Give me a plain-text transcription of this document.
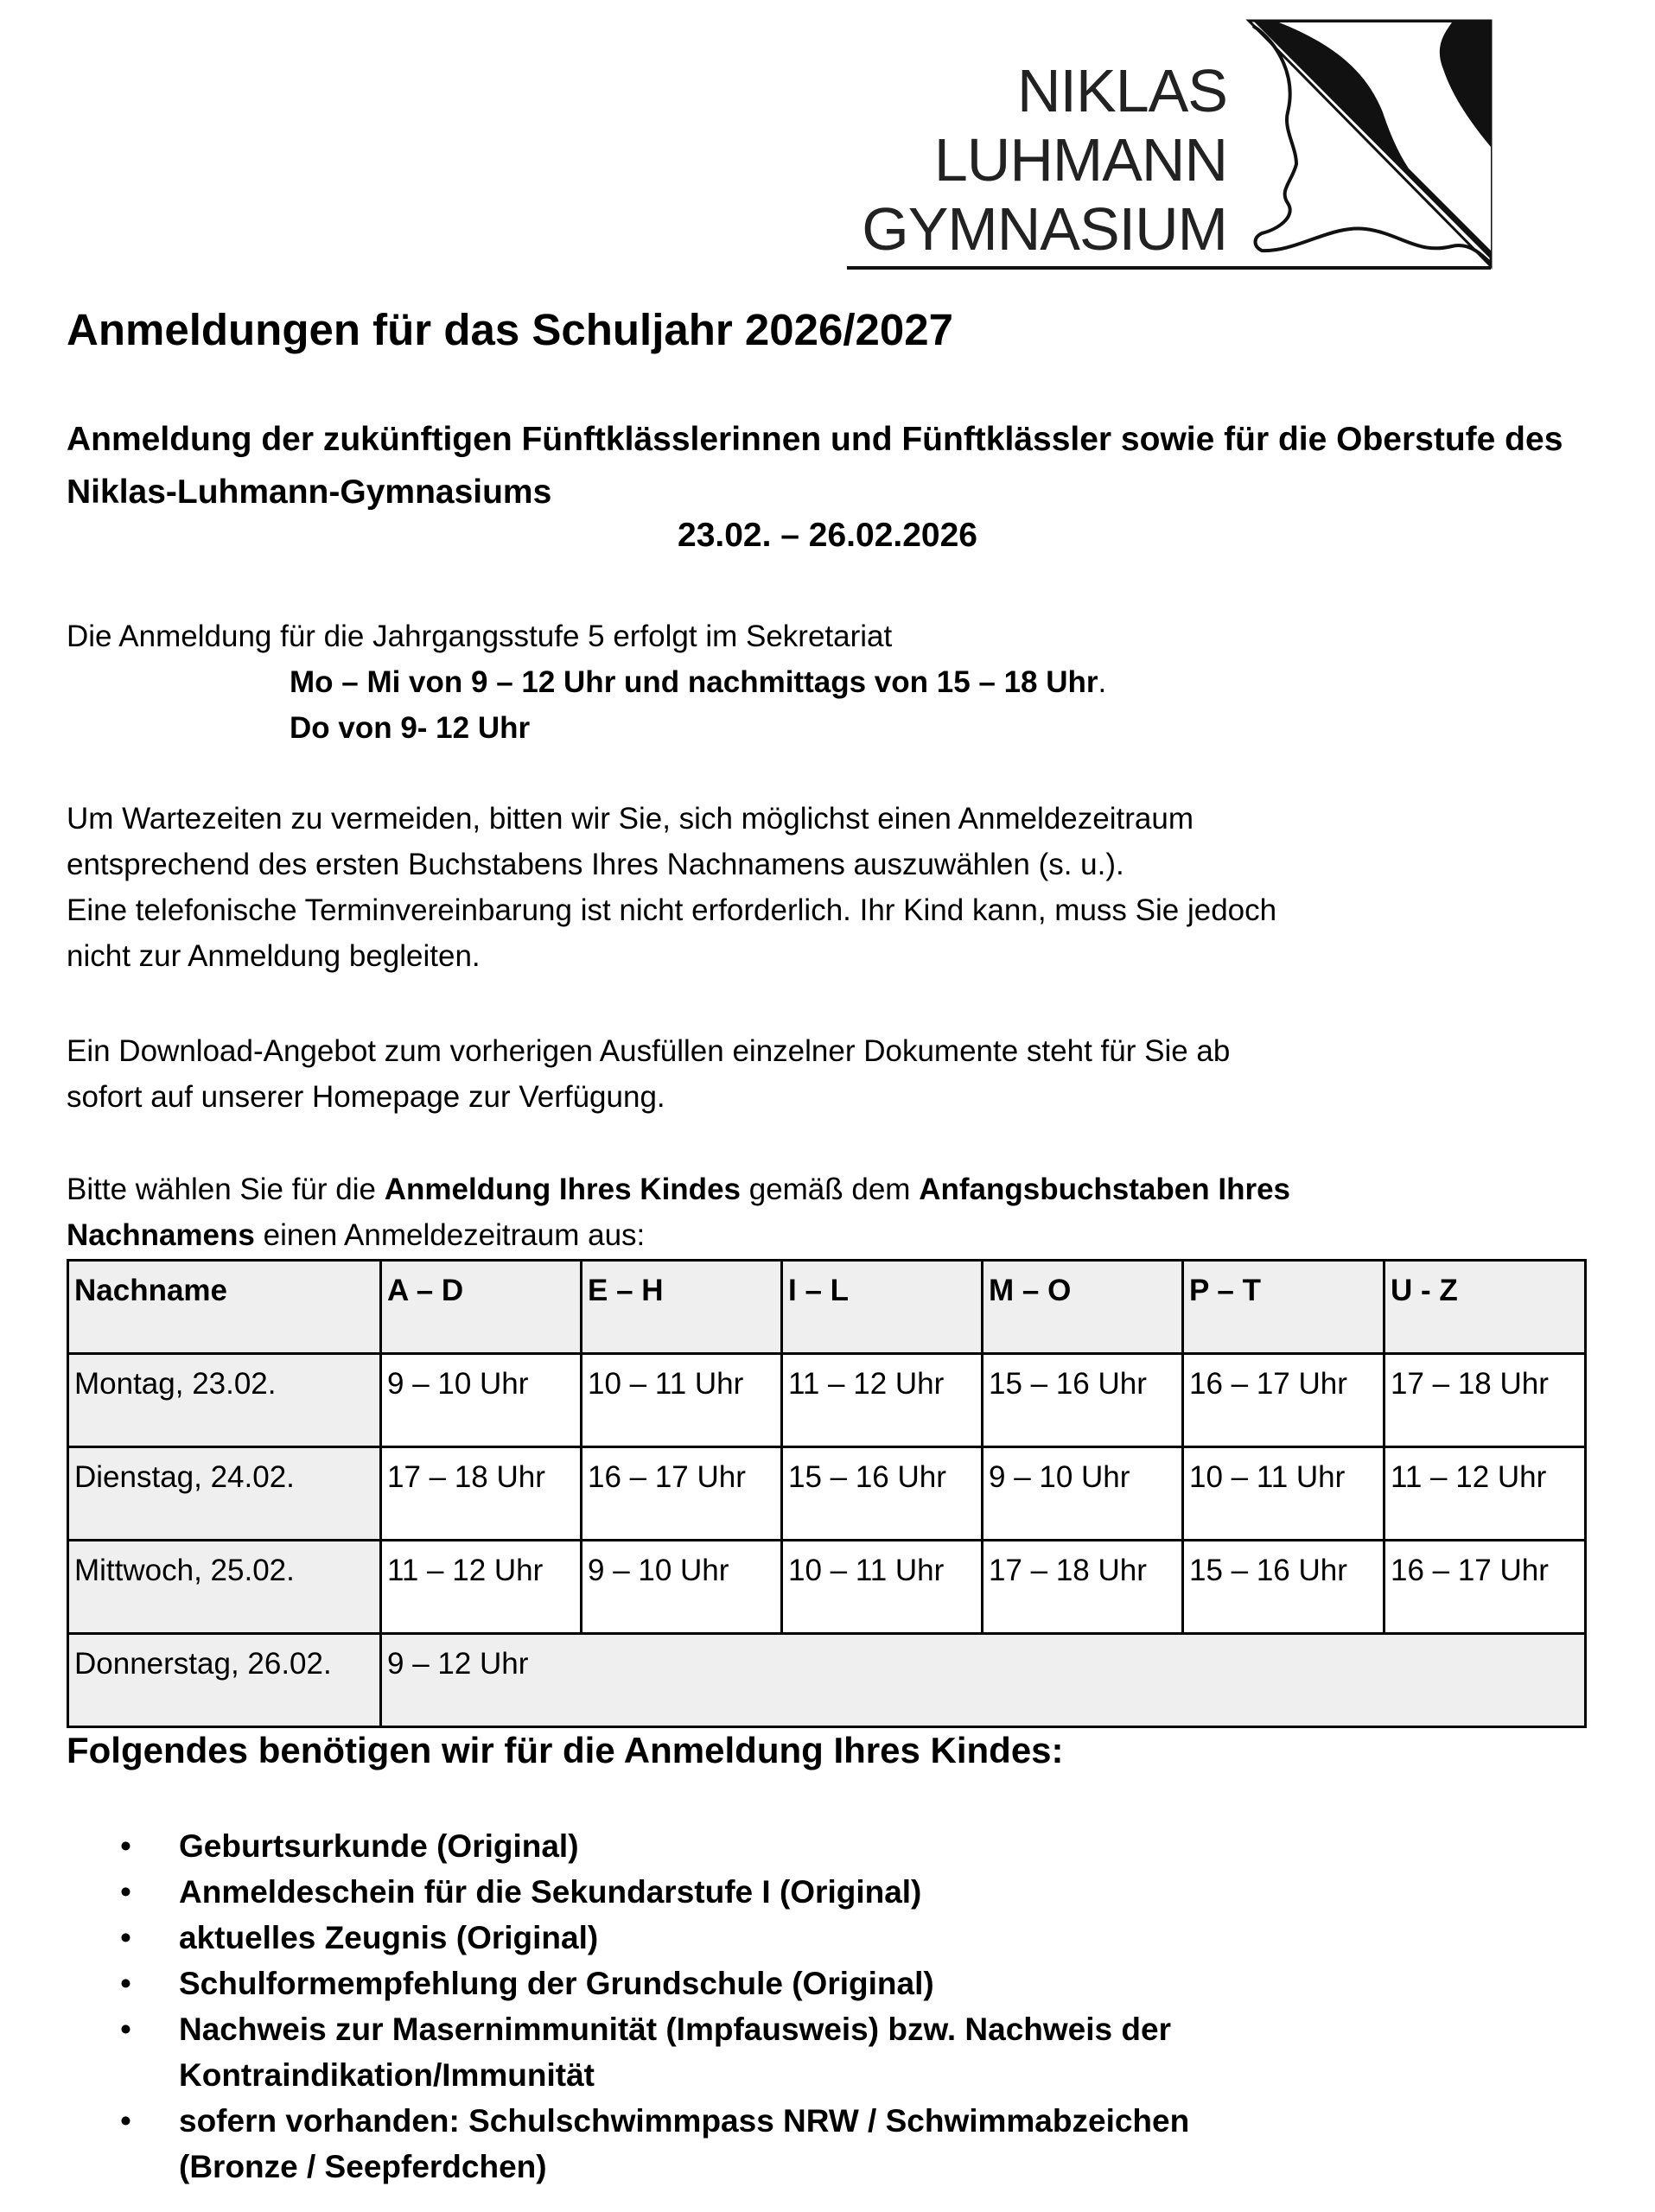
NIKLAS
LUHMANN
GYMNASIUM
Anmeldungen für das Schuljahr 2026/2027
Anmeldung der zukünftigen Fünftklässlerinnen und Fünftklässler sowie für die Oberstufe des Niklas-Luhmann-Gymnasiums
23.02. – 26.02.2026
Die Anmeldung für die Jahrgangsstufe 5 erfolgt im Sekretariat
Mo – Mi von 9 – 12 Uhr und nachmittags von 15 – 18 Uhr.
Do von 9- 12 Uhr
Um Wartezeiten zu vermeiden, bitten wir Sie, sich möglichst einen Anmeldezeitraum
entsprechend des ersten Buchstabens Ihres Nachnamens auszuwählen (s. u.).
Eine telefonische Terminvereinbarung ist nicht erforderlich. Ihr Kind kann, muss Sie jedoch
nicht zur Anmeldung begleiten.
Ein Download-Angebot zum vorherigen Ausfüllen einzelner Dokumente steht für Sie ab
sofort auf unserer Homepage zur Verfügung.
Bitte wählen Sie für die Anmeldung Ihres Kindes gemäß dem Anfangsbuchstaben Ihres
Nachnamens einen Anmeldezeitraum aus:
Nachname	A – D	E – H	I – L	M – O	P – T	U - Z
Montag, 23.02.	9 – 10 Uhr	10 – 11 Uhr	11 – 12 Uhr	15 – 16 Uhr	16 – 17 Uhr	17 – 18 Uhr
Dienstag, 24.02.	17 – 18 Uhr	16 – 17 Uhr	15 – 16 Uhr	9 – 10 Uhr	10 – 11 Uhr	11 – 12 Uhr
Mittwoch, 25.02.	11 – 12 Uhr	9 – 10 Uhr	10 – 11 Uhr	17 – 18 Uhr	15 – 16 Uhr	16 – 17 Uhr
Donnerstag, 26.02.	9 – 12 Uhr					
Folgendes benötigen wir für die Anmeldung Ihres Kindes:
• Geburtsurkunde (Original)
• Anmeldeschein für die Sekundarstufe I (Original)
• aktuelles Zeugnis (Original)
• Schulformempfehlung der Grundschule (Original)
• Nachweis zur Masernimmunität (Impfausweis) bzw. Nachweis der Kontraindikation/Immunität
• sofern vorhanden: Schulschwimmpass NRW / Schwimmabzeichen (Bronze / Seepferdchen)
